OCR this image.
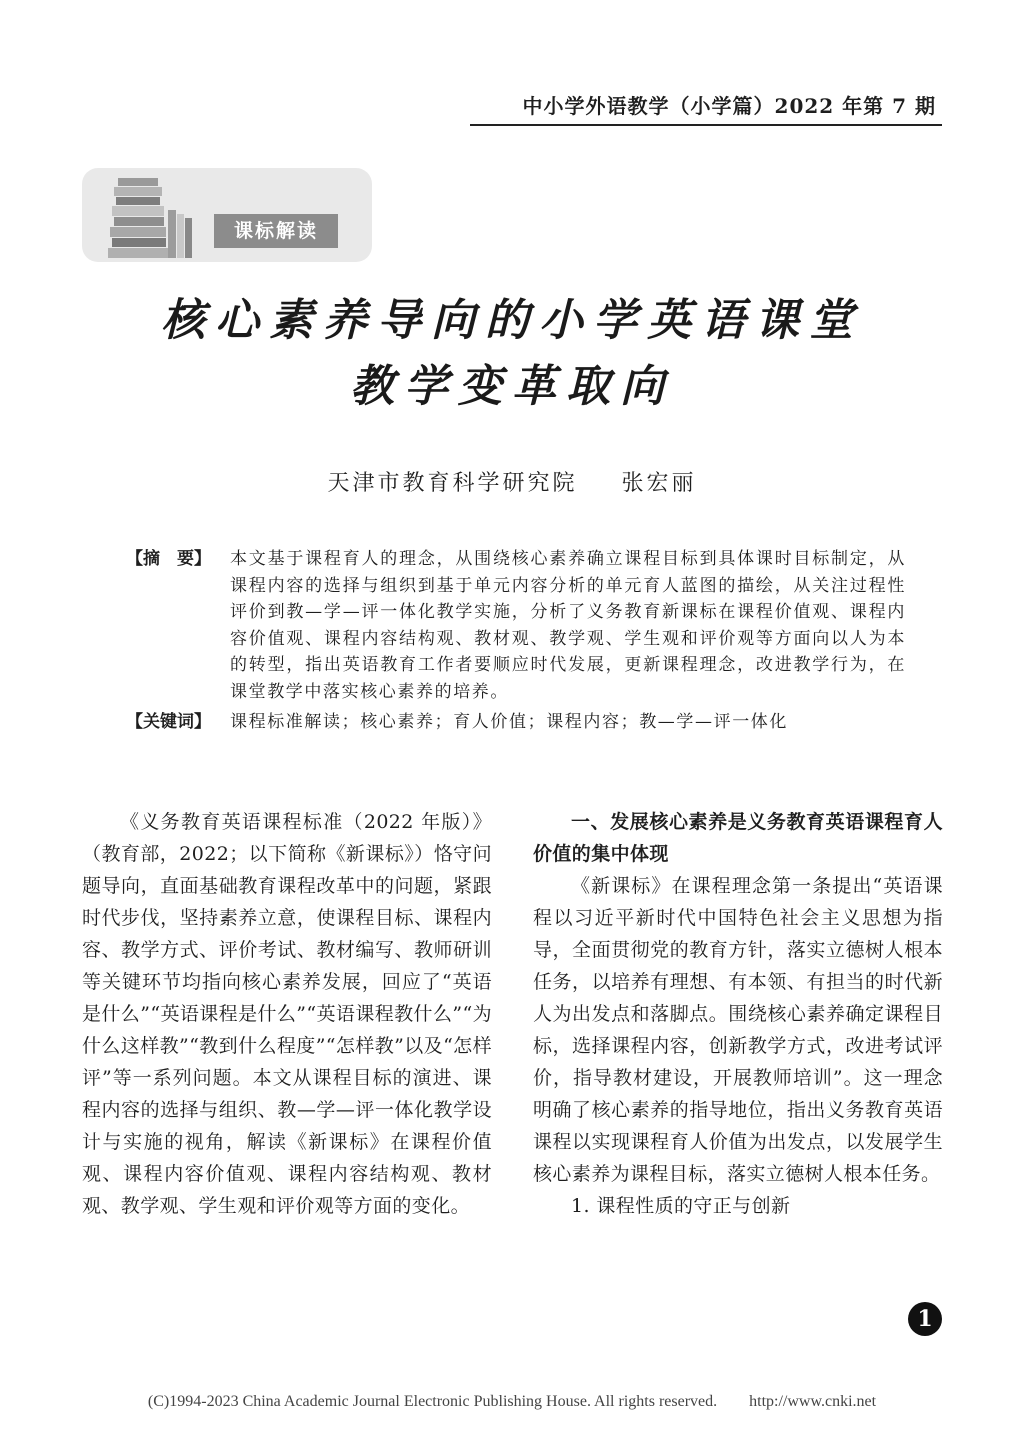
中小学外语教学（小学篇）2022 年第 7 期
课标解读
核心素养导向的小学英语课堂
教学变革取向
天津市教育科学研究院 张宏丽
【摘　要】	本文基于课程育人的理念，从围绕核心素养确立课程目标到具体课时目标制定，从课程内容的选择与组织到基于单元内容分析的单元育人蓝图的描绘，从关注过程性评价到教—学—评一体化教学实施，分析了义务教育新课标在课程价值观、课程内容价值观、课程内容结构观、教材观、教学观、学生观和评价观等方面向以人为本的转型，指出英语教育工作者要顺应时代发展，更新课程理念，改进教学行为，在课堂教学中落实核心素养的培养。
【关键词】	课程标准解读；核心素养；育人价值；课程内容；教—学—评一体化

《义务教育英语课程标准（2022 年版）》（教育部，2022；以下简称《新课标》）恪守问题导向，直面基础教育课程改革中的问题，紧跟时代步伐，坚持素养立意，使课程目标、课程内容、教学方式、评价考试、教材编写、教师研训等关键环节均指向核心素养发展，回应了“英语是什么”“英语课程是什么”“英语课程教什么”“为什么这样教”“教到什么程度”“怎样教”以及“怎样评”等一系列问题。本文从课程目标的演进、课程内容的选择与组织、教—学—评一体化教学设计与实施的视角，解读《新课标》在课程价值观、课程内容价值观、课程内容结构观、教材观、教学观、学生观和评价观等方面的变化。

一、发展核心素养是义务教育英语课程育人价值的集中体现

《新课标》在课程理念第一条提出“英语课程以习近平新时代中国特色社会主义思想为指导，全面贯彻党的教育方针，落实立德树人根本任务，以培养有理想、有本领、有担当的时代新人为出发点和落脚点。围绕核心素养确定课程目标，选择课程内容，创新教学方式，改进考试评价，指导教材建设，开展教师培训”。这一理念明确了核心素养的指导地位，指出义务教育英语课程以实现课程育人价值为出发点，以发展学生核心素养为课程目标，落实立德树人根本任务。

1. 课程性质的守正与创新

1
(C)1994-2023 China Academic Journal Electronic Publishing House. All rights reserved.　　http://www.cnki.net
